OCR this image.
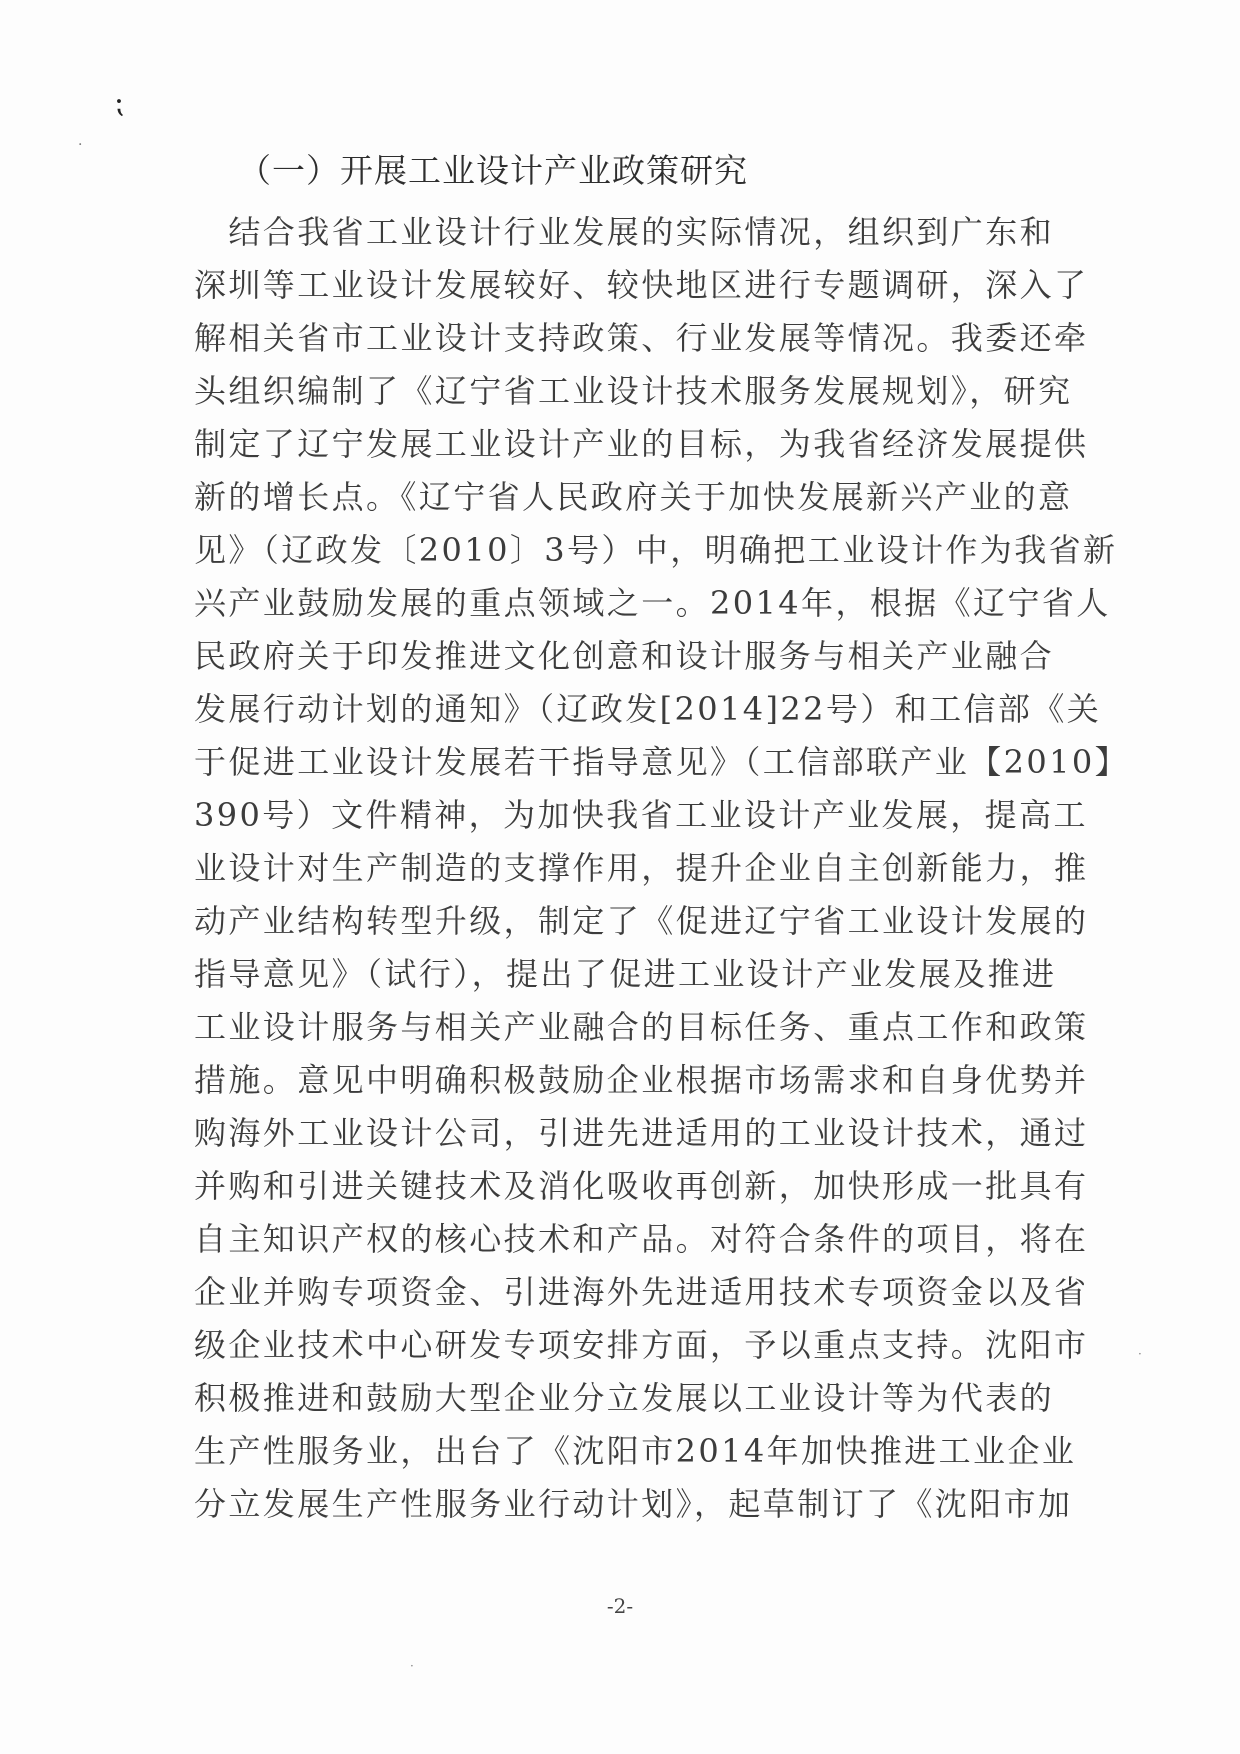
⁏
·
·
·
（一）开展工业设计产业政策研究

　结合我省工业设计行业发展的实际情况，组织到广东和
深圳等工业设计发展较好、较快地区进行专题调研，深入了
解相关省市工业设计支持政策、行业发展等情况。我委还牵
头组织编制了《辽宁省工业设计技术服务发展规划》，研究
制定了辽宁发展工业设计产业的目标，为我省经济发展提供
新的增长点。《辽宁省人民政府关于加快发展新兴产业的意
见》（辽政发〔2010〕3号）中，明确把工业设计作为我省新
兴产业鼓励发展的重点领域之一。2014年，根据《辽宁省人
民政府关于印发推进文化创意和设计服务与相关产业融合
发展行动计划的通知》（辽政发[2014]22号）和工信部《关
于促进工业设计发展若干指导意见》（工信部联产业【2010】
390号）文件精神，为加快我省工业设计产业发展，提高工
业设计对生产制造的支撑作用，提升企业自主创新能力，推
动产业结构转型升级，制定了《促进辽宁省工业设计发展的
指导意见》（试行），提出了促进工业设计产业发展及推进
工业设计服务与相关产业融合的目标任务、重点工作和政策
措施。意见中明确积极鼓励企业根据市场需求和自身优势并
购海外工业设计公司，引进先进适用的工业设计技术，通过
并购和引进关键技术及消化吸收再创新，加快形成一批具有
自主知识产权的核心技术和产品。对符合条件的项目，将在
企业并购专项资金、引进海外先进适用技术专项资金以及省
级企业技术中心研发专项安排方面，予以重点支持。沈阳市
积极推进和鼓励大型企业分立发展以工业设计等为代表的
生产性服务业，出台了《沈阳市2014年加快推进工业企业
分立发展生产性服务业行动计划》，起草制订了《沈阳市加

-2-
